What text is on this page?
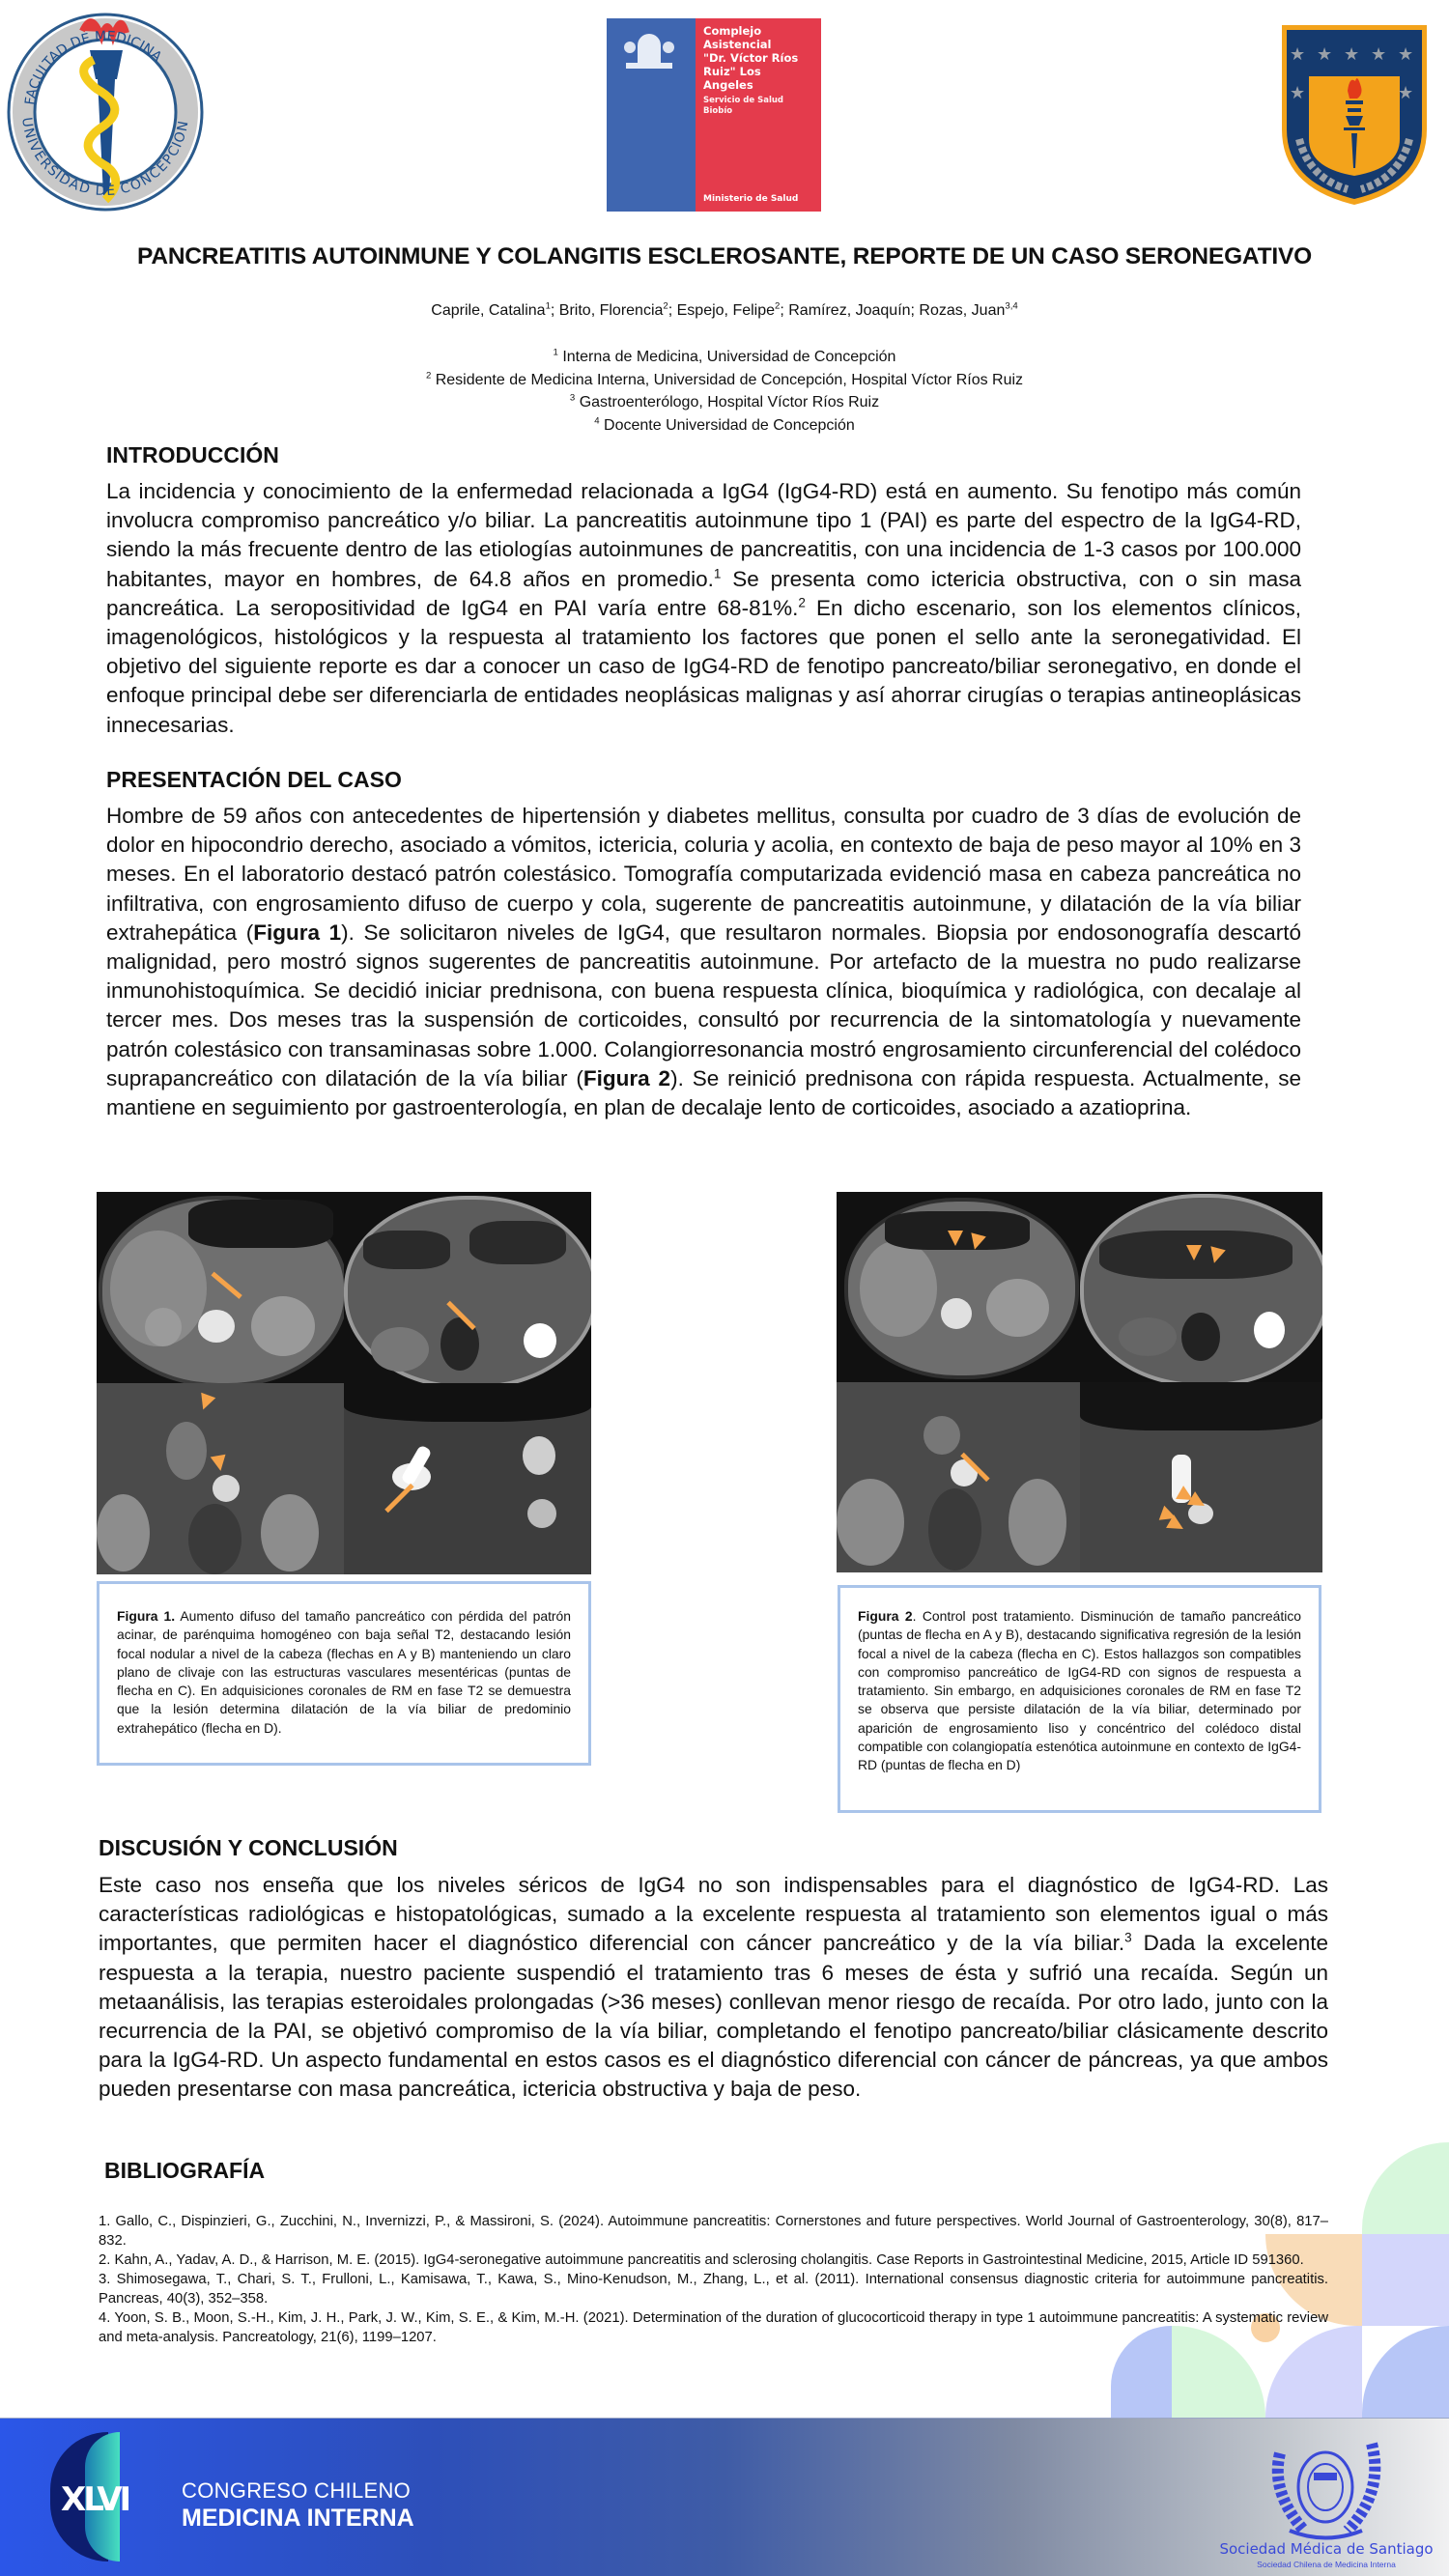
FACULTAD DE MEDICINA
UNIVERSIDAD DE CONCEPCION
Complejo
Asistencial
"Dr. Víctor Ríos
Ruiz" Los Angeles
Servicio de Salud
Biobío
Ministerio de Salud
★ ★ ★ ★ ★
★	★
PANCREATITIS AUTOINMUNE Y COLANGITIS ESCLEROSANTE, REPORTE DE UN CASO SERONEGATIVO
Caprile, Catalina$^1$; Brito, Florencia$^2$; Espejo, Felipe$^2$; Ramírez, Joaquín; Rozas, Juan$^{3,4}$
$^1$ Interna de Medicina, Universidad de Concepción
$^2$ Residente de Medicina Interna, Universidad de Concepción, Hospital Víctor Ríos Ruiz
$^3$ Gastroenterólogo, Hospital Víctor Ríos Ruiz
$^4$ Docente Universidad de Concepción
INTRODUCCIÓN
La incidencia y conocimiento de la enfermedad relacionada a IgG4 (IgG4-RD) está en aumento. Su fenotipo más común involucra compromiso pancreático y/o biliar. La pancreatitis autoinmune tipo 1 (PAI) es parte del espectro de la IgG4-RD, siendo la más frecuente dentro de las etiologías autoinmunes de pancreatitis, con una incidencia de 1-3 casos por 100.000 habitantes, mayor en hombres, de 64.8 años en promedio.$^1$ Se presenta como ictericia obstructiva, con o sin masa pancreática. La seropositividad de IgG4 en PAI varía entre 68-81%.$^2$ En dicho escenario, son los elementos clínicos, imagenológicos, histológicos y la respuesta al tratamiento los factores que ponen el sello ante la seronegatividad. El objetivo del siguiente reporte es dar a conocer un caso de IgG4-RD de fenotipo pancreato/biliar seronegativo, en donde el enfoque principal debe ser diferenciarla de entidades neoplásicas malignas y así ahorrar cirugías o terapias antineoplásicas innecesarias.
PRESENTACIÓN DEL CASO
Hombre de 59 años con antecedentes de hipertensión y diabetes mellitus, consulta por cuadro de 3 días de evolución de dolor en hipocondrio derecho, asociado a vómitos, ictericia, coluria y acolia, en contexto de baja de peso mayor al 10% en 3 meses. En el laboratorio destacó patrón colestásico. Tomografía computarizada evidenció masa en cabeza pancreática no infiltrativa, con engrosamiento difuso de cuerpo y cola, sugerente de pancreatitis autoinmune, y dilatación de la vía biliar extrahepática (Figura 1). Se solicitaron niveles de IgG4, que resultaron normales. Biopsia por endosonografía descartó malignidad, pero mostró signos sugerentes de pancreatitis autoinmune. Por artefacto de la muestra no pudo realizarse inmunohistoquímica. Se decidió iniciar prednisona, con buena respuesta clínica, bioquímica y radiológica, con decalaje al tercer mes. Dos meses tras la suspensión de corticoides, consultó por recurrencia de la sintomatología y nuevamente patrón colestásico con transaminasas sobre 1.000. Colangiorresonancia mostró engrosamiento circunferencial del colédoco suprapancreático con dilatación de la vía biliar (Figura 2). Se reinició prednisona con rápida respuesta. Actualmente, se mantiene en seguimiento por gastroenterología, en plan de decalaje lento de corticoides, asociado a azatioprina.
Figura 1. Aumento difuso del tamaño pancreático con pérdida del patrón acinar, de parénquima homogéneo con baja señal T2, destacando lesión focal nodular a nivel de la cabeza (flechas en A y B) manteniendo un claro plano de clivaje con las estructuras vasculares mesentéricas (puntas de flecha en C). En adquisiciones coronales de RM en fase T2 se demuestra que la lesión determina dilatación de la vía biliar de predominio extrahepático (flecha en D).
Figura 2. Control post tratamiento. Disminución de tamaño pancreático (puntas de flecha en A y B), destacando significativa regresión de la lesión focal a nivel de la cabeza (flecha en C). Estos hallazgos son compatibles con compromiso pancreático de IgG4-RD con signos de respuesta a tratamiento. Sin embargo, en adquisiciones coronales de RM en fase T2 se observa que persiste dilatación de la vía biliar, determinado por aparición de engrosamiento liso y concéntrico del colédoco distal compatible con colangiopatía estenótica autoinmune en contexto de IgG4-RD (puntas de flecha en D)
DISCUSIÓN Y CONCLUSIÓN
Este caso nos enseña que los niveles séricos de IgG4 no son indispensables para el diagnóstico de IgG4-RD. Las características radiológicas e histopatológicas, sumado a la excelente respuesta al tratamiento son elementos igual o más importantes, que permiten hacer el diagnóstico diferencial con cáncer pancreático y de la vía biliar.$^3$ Dada la excelente respuesta a la terapia, nuestro paciente suspendió el tratamiento tras 6 meses de ésta y sufrió una recaída. Según un metaanálisis, las terapias esteroidales prolongadas (>36 meses) conllevan menor riesgo de recaída. Por otro lado, junto con la recurrencia de la PAI, se objetivó compromiso de la vía biliar, completando el fenotipo pancreato/biliar clásicamente descrito para la IgG4-RD. Un aspecto fundamental en estos casos es el diagnóstico diferencial con cáncer de páncreas, ya que ambos pueden presentarse con masa pancreática, ictericia obstructiva y baja de peso.
BIBLIOGRAFÍA
1. Gallo, C., Dispinzieri, G., Zucchini, N., Invernizzi, P., & Massironi, S. (2024). Autoimmune pancreatitis: Cornerstones and future perspectives. World Journal of Gastroenterology, 30(8), 817–832.
2. Kahn, A., Yadav, A. D., & Harrison, M. E. (2015). IgG4-seronegative autoimmune pancreatitis and sclerosing cholangitis. Case Reports in Gastrointestinal Medicine, 2015, Article ID 591360.
3. Shimosegawa, T., Chari, S. T., Frulloni, L., Kamisawa, T., Kawa, S., Mino-Kenudson, M., Zhang, L., et al. (2011). International consensus diagnostic criteria for autoimmune pancreatitis. Pancreas, 40(3), 352–358.
4. Yoon, S. B., Moon, S.-H., Kim, J. H., Park, J. W., Kim, S. E., & Kim, M.-H. (2021). Determination of the duration of glucocorticoid therapy in type 1 autoimmune pancreatitis: A systematic review and meta-analysis. Pancreatology, 21(6), 1199–1207.
XLVI CONGRESO CHILENO
MEDICINA INTERNA
Sociedad Médica de Santiago
Sociedad Chilena de Medicina Interna
